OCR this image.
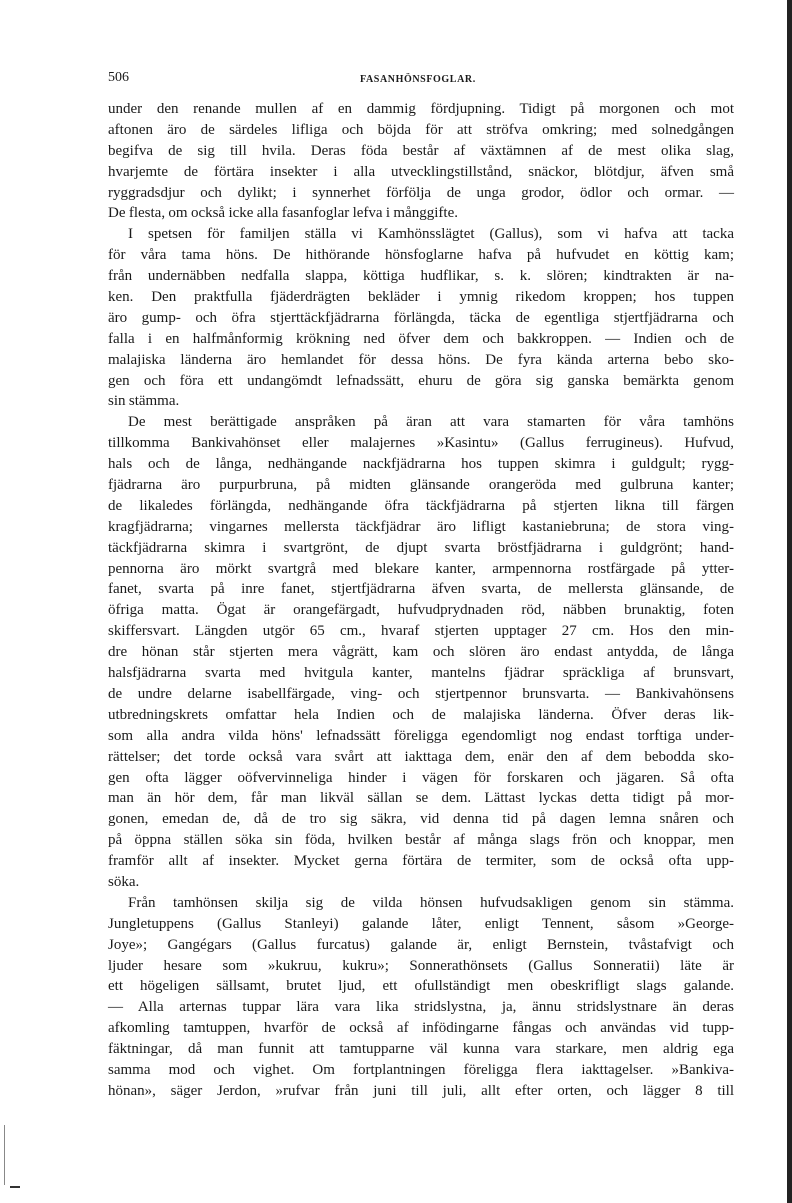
506	FASANHÖNSFOGLAR.
under den renande mullen af en dammig fördjupning. Tidigt på morgonen och mot
aftonen äro de särdeles lifliga och böjda för att ströfva omkring; med solnedgången
begifva de sig till hvila. Deras föda består af växtämnen af de mest olika slag,
hvarjemte de förtära insekter i alla utvecklingstillstånd, snäckor, blötdjur, äfven små
ryggradsdjur och dylikt; i synnerhet förfölja de unga grodor, ödlor och ormar. —
De flesta, om också icke alla fasanfoglar lefva i månggifte.
I spetsen för familjen ställa vi Kamhönsslägtet (Gallus), som vi hafva att tacka
för våra tama höns. De hithörande hönsfoglarne hafva på hufvudet en köttig kam;
från undernäbben nedfalla slappa, köttiga hudflikar, s. k. slören; kindtrakten är na-
ken. Den praktfulla fjäderdrägten bekläder i ymnig rikedom kroppen; hos tuppen
äro gump- och öfra stjerttäckfjädrarna förlängda, täcka de egentliga stjertfjädrarna och
falla i en halfmånformig krökning ned öfver dem och bakkroppen. — Indien och de
malajiska länderna äro hemlandet för dessa höns. De fyra kända arterna bebo sko-
gen och föra ett undangömdt lefnadssätt, ehuru de göra sig ganska bemärkta genom
sin stämma.
De mest berättigade anspråken på äran att vara stamarten för våra tamhöns
tillkomma Bankivahönset eller malajernes »Kasintu» (Gallus ferrugineus). Hufvud,
hals och de långa, nedhängande nackfjädrarna hos tuppen skimra i guldgult; rygg-
fjädrarna äro purpurbruna, på midten glänsande orangeröda med gulbruna kanter;
de likaledes förlängda, nedhängande öfra täckfjädrarna på stjerten likna till färgen
kragfjädrarna; vingarnes mellersta täckfjädrar äro lifligt kastaniebruna; de stora ving-
täckfjädrarna skimra i svartgrönt, de djupt svarta bröstfjädrarna i guldgrönt; hand-
pennorna äro mörkt svartgrå med blekare kanter, armpennorna rostfärgade på ytter-
fanet, svarta på inre fanet, stjertfjädrarna äfven svarta, de mellersta glänsande, de
öfriga matta. Ögat är orangefärgadt, hufvudprydnaden röd, näbben brunaktig, foten
skiffersvart. Längden utgör 65 cm., hvaraf stjerten upptager 27 cm. Hos den min-
dre hönan står stjerten mera vågrätt, kam och slören äro endast antydda, de långa
halsfjädrarna svarta med hvitgula kanter, mantelns fjädrar spräckliga af brunsvart,
de undre delarne isabellfärgade, ving- och stjertpennor brunsvarta. — Bankivahönsens
utbredningskrets omfattar hela Indien och de malajiska länderna. Öfver deras lik-
som alla andra vilda höns' lefnadssätt föreligga egendomligt nog endast torftiga under-
rättelser; det torde också vara svårt att iakttaga dem, enär den af dem bebodda sko-
gen ofta lägger oöfvervinneliga hinder i vägen för forskaren och jägaren. Så ofta
man än hör dem, får man likväl sällan se dem. Lättast lyckas detta tidigt på mor-
gonen, emedan de, då de tro sig säkra, vid denna tid på dagen lemna snåren och
på öppna ställen söka sin föda, hvilken består af många slags frön och knoppar, men
framför allt af insekter. Mycket gerna förtära de termiter, som de också ofta upp-
söka.
Från tamhönsen skilja sig de vilda hönsen hufvudsakligen genom sin stämma.
Jungletuppens (Gallus Stanleyi) galande låter, enligt Tennent, såsom »George-
Joye»; Gangégars (Gallus furcatus) galande är, enligt Bernstein, tvåstafvigt och
ljuder hesare som »kukruu, kukru»; Sonnerathönsets (Gallus Sonneratii) läte är
ett högeligen sällsamt, brutet ljud, ett ofullständigt men obeskrifligt slags galande.
— Alla arternas tuppar lära vara lika stridslystna, ja, ännu stridslystnare än deras
afkomling tamtuppen, hvarför de också af infödingarne fångas och användas vid tupp-
fäktningar, då man funnit att tamtupparne väl kunna vara starkare, men aldrig ega
samma mod och vighet. Om fortplantningen föreligga flera iakttagelser. »Bankiva-
hönan», säger Jerdon, »rufvar från juni till juli, allt efter orten, och lägger 8 till
